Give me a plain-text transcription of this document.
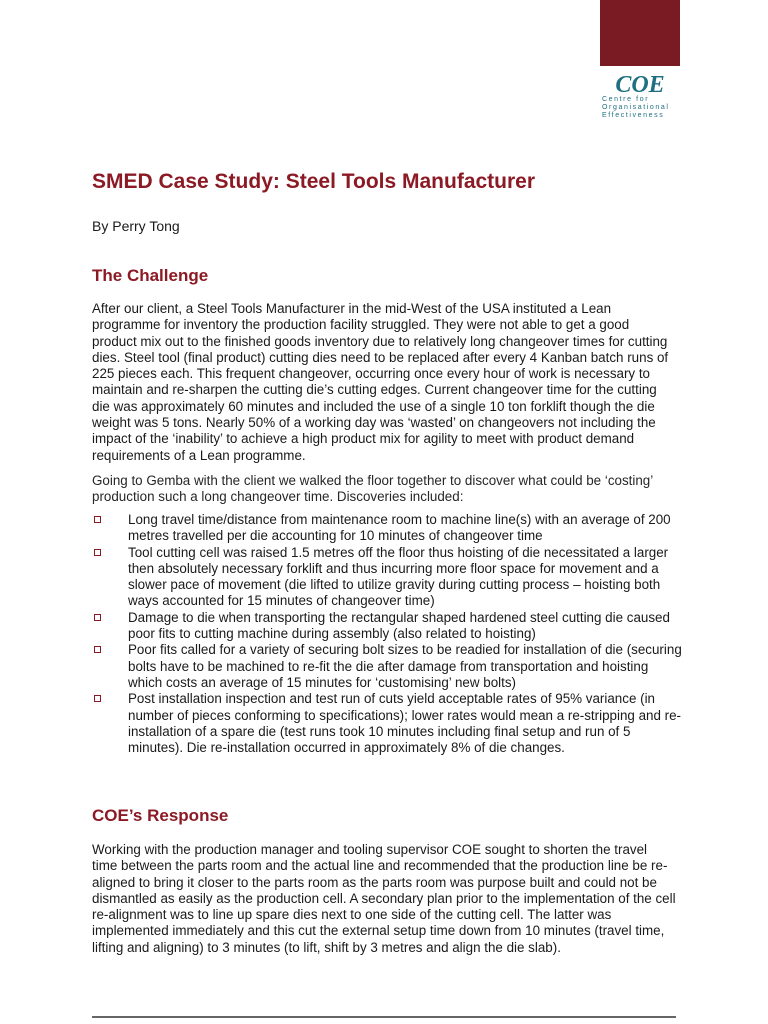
COE
Centre for
Organisational
Effectiveness
SMED Case Study: Steel Tools Manufacturer

By Perry Tong

The Challenge

After our client, a Steel Tools Manufacturer in the mid-West of the USA instituted a Lean programme for inventory the production facility struggled. They were not able to get a good product mix out to the finished goods inventory due to relatively long changeover times for cutting dies. Steel tool (final product) cutting dies need to be replaced after every 4 Kanban batch runs of 225 pieces each. This frequent changeover, occurring once every hour of work is necessary to maintain and re-sharpen the cutting die’s cutting edges. Current changeover time for the cutting die was approximately 60 minutes and included the use of a single 10 ton forklift though the die weight was 5 tons. Nearly 50% of a working day was ‘wasted’ on changeovers not including the impact of the ‘inability’ to achieve a high product mix for agility to meet with product demand requirements of a Lean programme.

Going to Gemba with the client we walked the floor together to discover what could be ‘costing’ production such a long changeover time. Discoveries included:

Long travel time/distance from maintenance room to machine line(s) with an average of 200 metres travelled per die accounting for 10 minutes of changeover time
Tool cutting cell was raised 1.5 metres off the floor thus hoisting of die necessitated a larger then absolutely necessary forklift and thus incurring more floor space for movement and a slower pace of movement (die lifted to utilize gravity during cutting process – hoisting both ways accounted for 15 minutes of changeover time)
Damage to die when transporting the rectangular shaped hardened steel cutting die caused poor fits to cutting machine during assembly (also related to hoisting)
Poor fits called for a variety of securing bolt sizes to be readied for installation of die (securing bolts have to be machined to re-fit the die after damage from transportation and hoisting which costs an average of 15 minutes for ‘customising’ new bolts)
Post installation inspection and test run of cuts yield acceptable rates of 95% variance (in number of pieces conforming to specifications); lower rates would mean a re-stripping and re-installation of a spare die (test runs took 10 minutes including final setup and run of 5 minutes). Die re-installation occurred in approximately 8% of die changes.
COE’s Response

Working with the production manager and tooling supervisor COE sought to shorten the travel time between the parts room and the actual line and recommended that the production line be re-aligned to bring it closer to the parts room as the parts room was purpose built and could not be dismantled as easily as the production cell. A secondary plan prior to the implementation of the cell re-alignment was to line up spare dies next to one side of the cutting cell. The latter was implemented immediately and this cut the external setup time down from 10 minutes (travel time, lifting and aligning) to 3 minutes (to lift, shift by 3 metres and align the die slab).
